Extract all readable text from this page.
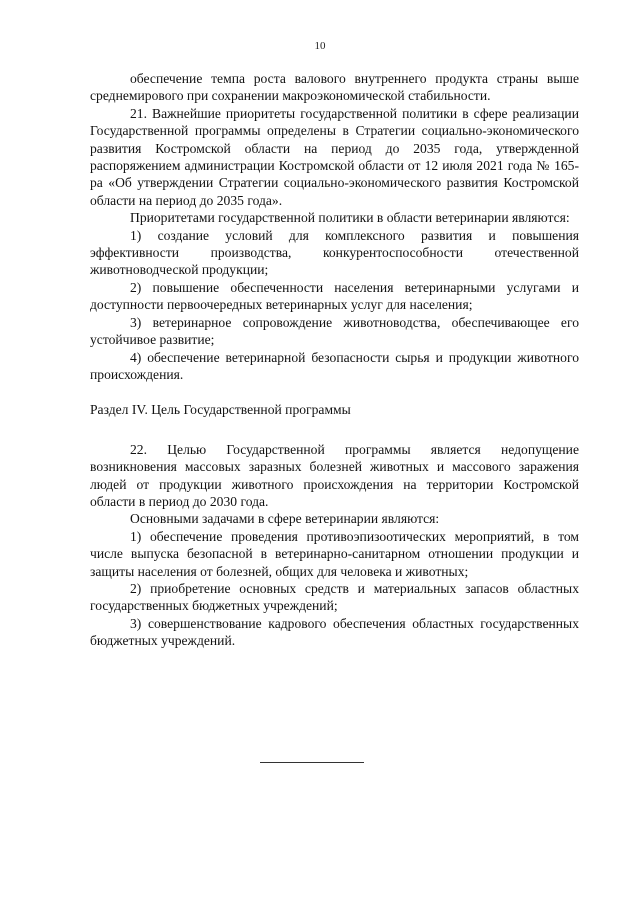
10

обеспечение темпа роста валового внутреннего продукта страны выше среднемирового при сохранении макроэкономической стабильности.

21. Важнейшие приоритеты государственной политики в сфере реализации Государственной программы определены в Стратегии социально-экономического развития Костромской области на период до 2035 года, утвержденной распоряжением администрации Костромской области от 12 июля 2021 года № 165-ра «Об утверждении Стратегии социально-экономического развития Костромской области на период до 2035 года».

Приоритетами государственной политики в области ветеринарии являются:

1) создание условий для комплексного развития и повышения эффективности производства, конкурентоспособности отечественной животноводческой продукции;

2) повышение обеспеченности населения ветеринарными услугами и доступности первоочередных ветеринарных услуг для населения;

3) ветеринарное сопровождение животноводства, обеспечивающее его устойчивое развитие;

4) обеспечение ветеринарной безопасности сырья и продукции животного происхождения.

Раздел IV. Цель Государственной программы

22. Целью Государственной программы является недопущение возникновения массовых заразных болезней животных и массового заражения людей от продукции животного происхождения на территории Костромской области в период до 2030 года.

Основными задачами в сфере ветеринарии являются:

1) обеспечение проведения противоэпизоотических мероприятий, в том числе выпуска безопасной в ветеринарно-санитарном отношении продукции и защиты населения от болезней, общих для человека и животных;

2) приобретение основных средств и материальных запасов областных государственных бюджетных учреждений;

3) совершенствование кадрового обеспечения областных государственных бюджетных учреждений.
